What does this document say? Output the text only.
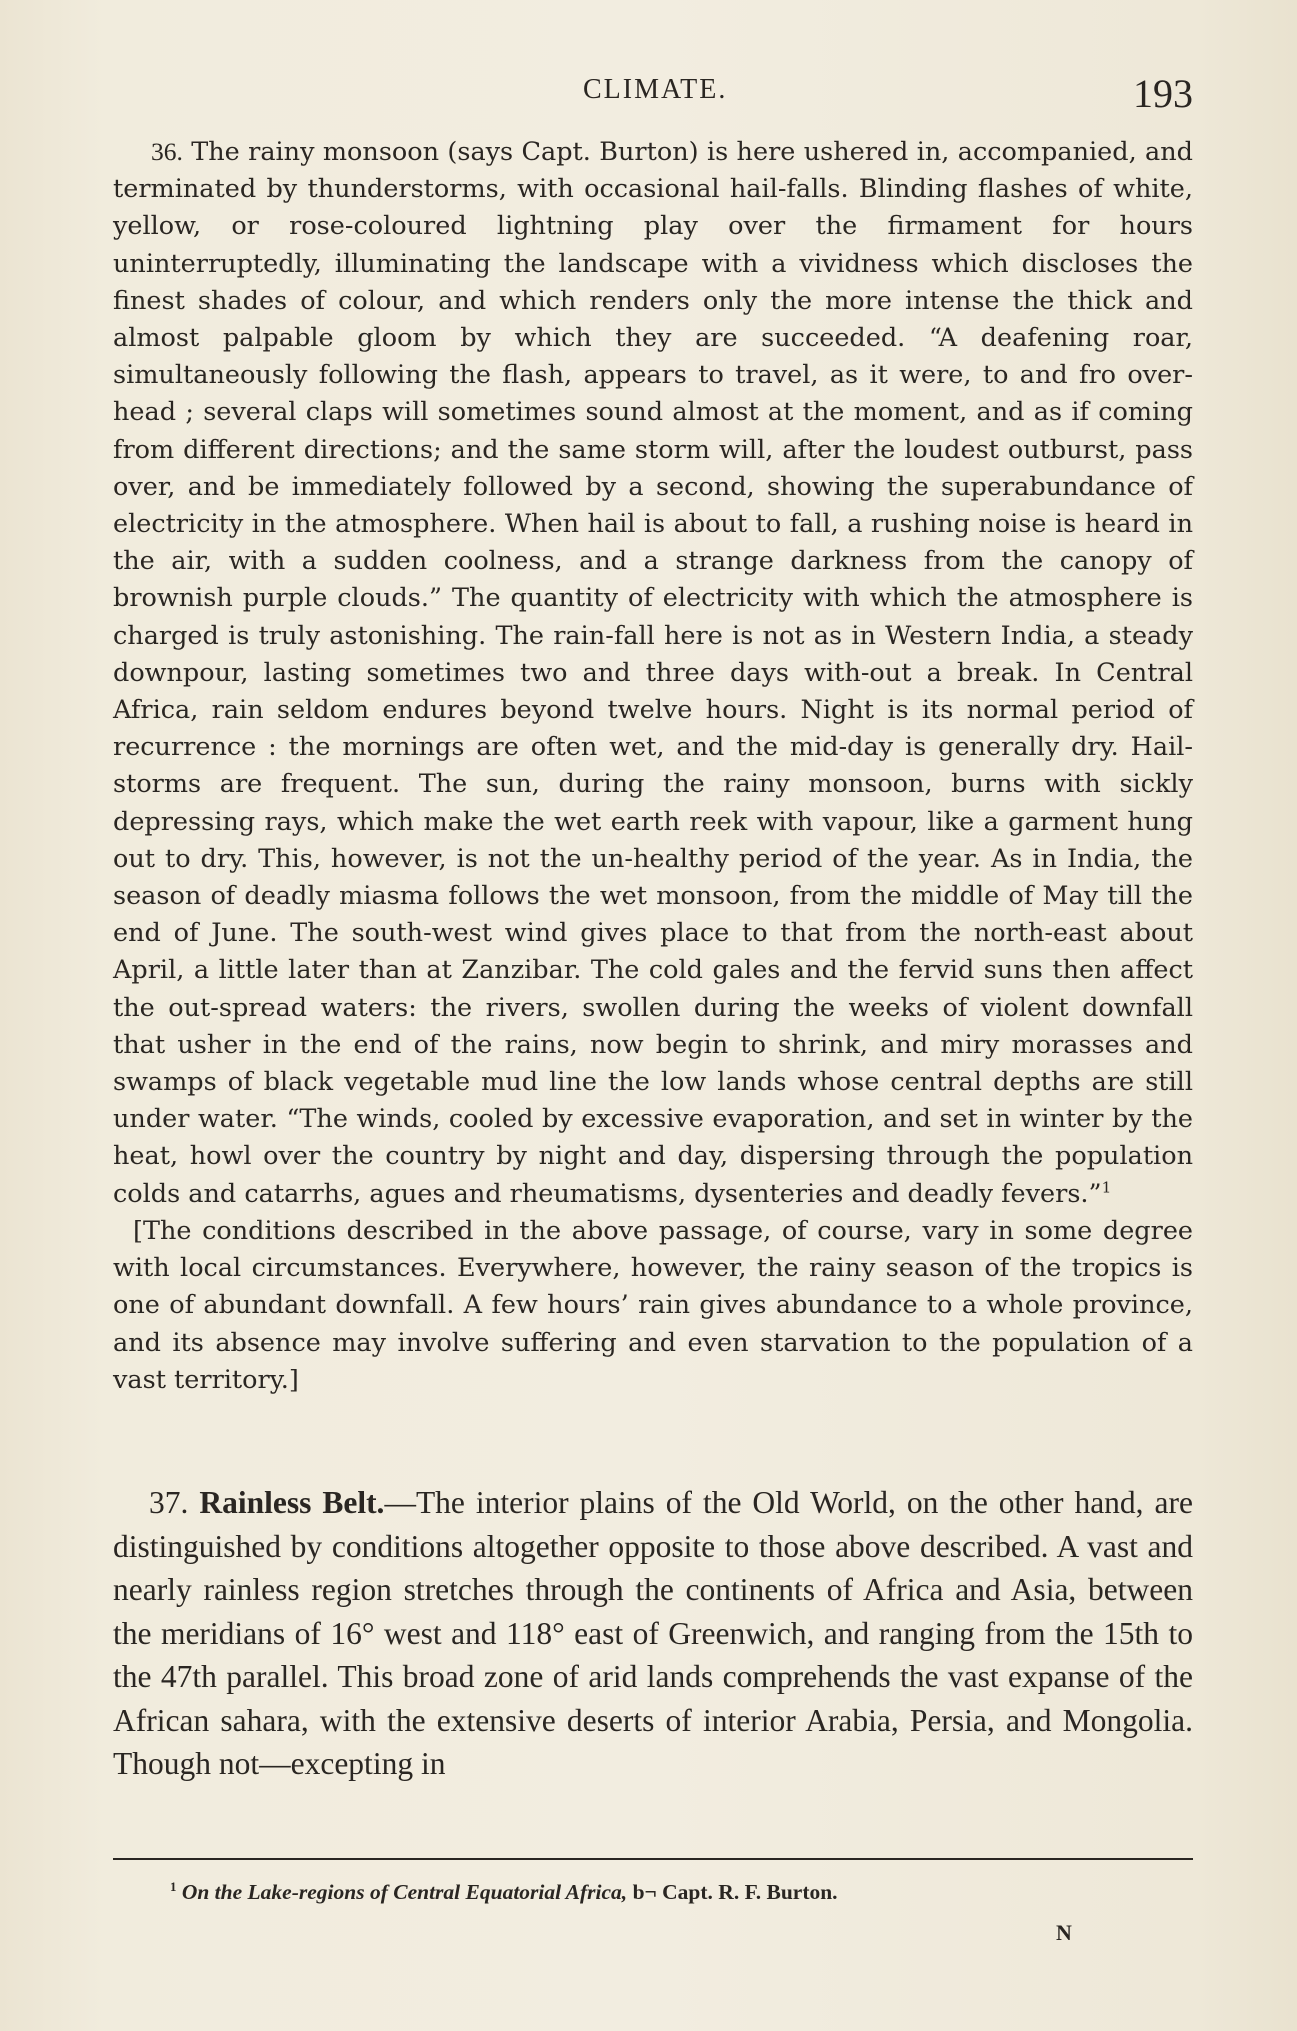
CLIMATE.	193

36. The rainy monsoon (says Capt. Burton) is here ushered in, accompanied, and terminated by thunderstorms, with occasional hail-falls. Blinding flashes of white, yellow, or rose-coloured lightning play over the firmament for hours uninterruptedly, illuminating the landscape with a vividness which discloses the finest shades of colour, and which renders only the more intense the thick and almost palpable gloom by which they are succeeded. “A deafening roar, simultaneously following the flash, appears to travel, as it were, to and fro over-head ; several claps will sometimes sound almost at the moment, and as if coming from different directions; and the same storm will, after the loudest outburst, pass over, and be immediately followed by a second, showing the superabundance of electricity in the atmosphere. When hail is about to fall, a rushing noise is heard in the air, with a sudden coolness, and a strange darkness from the canopy of brownish purple clouds.” The quantity of electricity with which the atmosphere is charged is truly astonishing. The rain-fall here is not as in Western India, a steady downpour, lasting sometimes two and three days with-out a break. In Central Africa, rain seldom endures beyond twelve hours. Night is its normal period of recurrence : the mornings are often wet, and the mid-day is generally dry. Hail-storms are frequent. The sun, during the rainy monsoon, burns with sickly depressing rays, which make the wet earth reek with vapour, like a garment hung out to dry. This, however, is not the un-healthy period of the year. As in India, the season of deadly miasma follows the wet monsoon, from the middle of May till the end of June. The south-west wind gives place to that from the north-east about April, a little later than at Zanzibar. The cold gales and the fervid suns then affect the out-spread waters: the rivers, swollen during the weeks of violent downfall that usher in the end of the rains, now begin to shrink, and miry morasses and swamps of black vegetable mud line the low lands whose central depths are still under water. “The winds, cooled by excessive evaporation, and set in winter by the heat, howl over the country by night and day, dispersing through the population colds and catarrhs, agues and rheumatisms, dysenteries and deadly fevers.”$^1$

[The conditions described in the above passage, of course, vary in some degree with local circumstances. Everywhere, however, the rainy season of the tropics is one of abundant downfall. A few hours’ rain gives abundance to a whole province, and its absence may involve suffering and even starvation to the population of a vast territory.]

37. Rainless Belt.—The interior plains of the Old World, on the other hand, are distinguished by conditions altogether opposite to those above described. A vast and nearly rainless region stretches through the continents of Africa and Asia, between the meridians of 16° west and 118° east of Greenwich, and ranging from the 15th to the 47th parallel. This broad zone of arid lands comprehends the vast expanse of the African sahara, with the extensive deserts of interior Arabia, Persia, and Mongolia. Though not—excepting in

$^1$ On the Lake-regions of Central Equatorial Africa, b¬ Capt. R. F. Burton.
N
